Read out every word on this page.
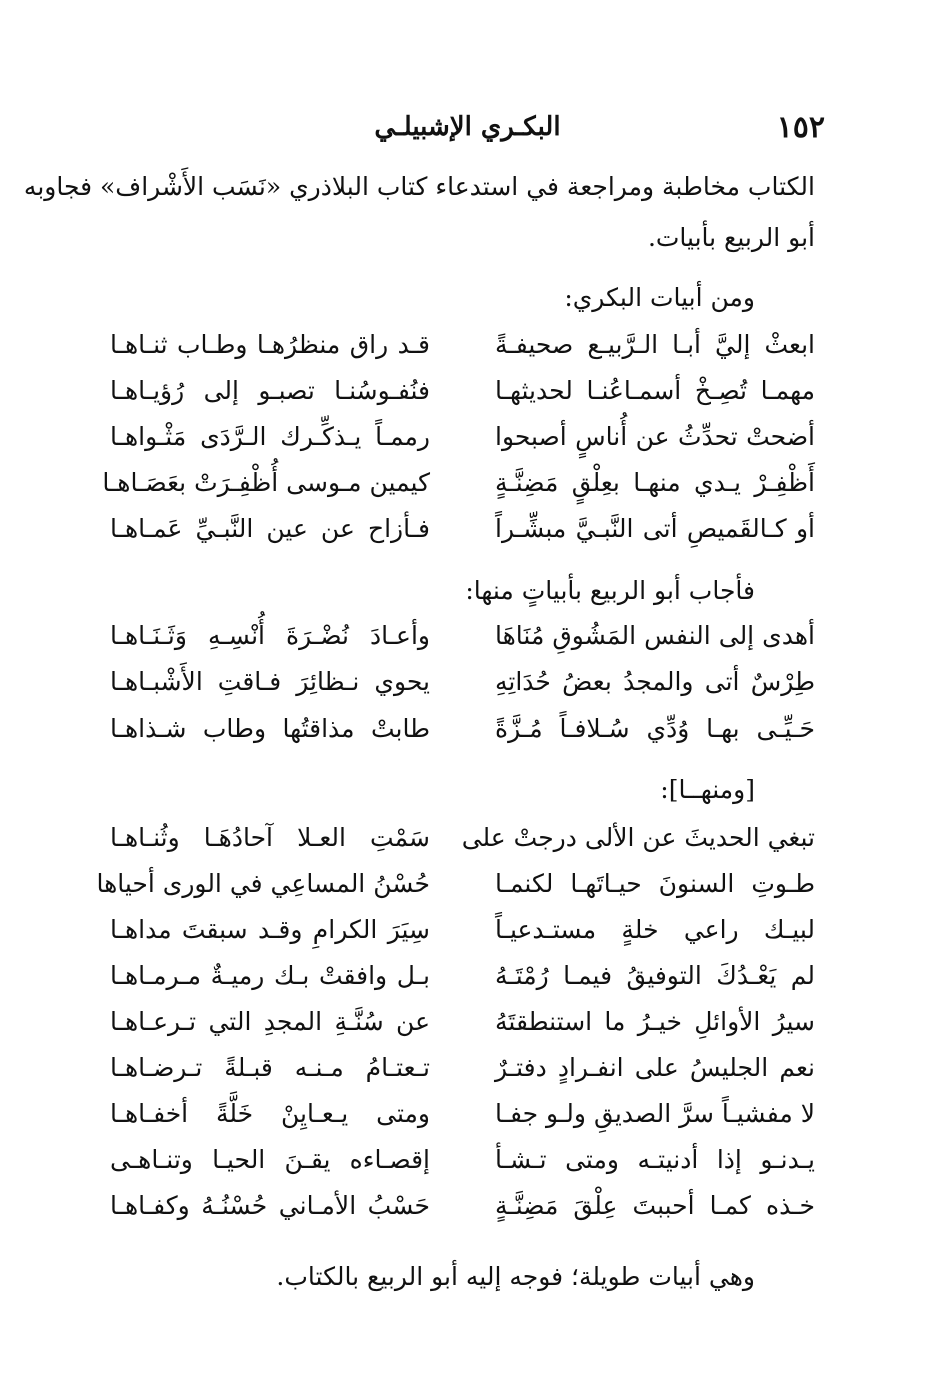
١٥٢
البكـري الإشبيلـي
الكتاب مخاطبة ومراجعة في استدعاء كتاب البلاذري «نَسَب الأَشْراف» فجاوبه
أبو الربيع بأبيات.
ومن أبيات البكري:
ابعثْ إليَّ أبـا الـرَّبيـع صحيفـةً
قـد راق منظرُهـا وطـاب ثنـاهـا
مهمـا تُصِـخْ أسمـاعُنـا لحديثهـا
فنُفـوسُنـا تصبـو إلى رُؤيـاهـا
أضحتْ تحدِّثُ عن أُناسٍ أصبحوا
رممـاً يـذكِّـرك الـرَّدَى مَثْـواهـا
أَظْفِـرْ يـدي منهـا بعِلْقٍ مَضِنَّـةٍ
كيمين مـوسى أُظْفِـرَتْ بعَصَـاهـا
أو كـالقَميصِ أتى النَّبـيَّ مبشِّـراً
فـأزاح عن عين النَّبـيِّ عَمـاهـا
فأجاب أبو الربيع بأبياتٍ منها:
أهدى إلى النفس المَشُوقِ مُنَاهَا
وأعـادَ نُضْـرَةَ أُنْسِـهِ وَثَـنَـاهـا
طِرْسٌ أتى والمجدُ بعضُ حُدَاتِهِ
يحوي نـظائِرَ فـاقتِ الأَشْبـاهـا
حَـيِّـى بهـا وُدِّي سُـلافـاً مُـزَّةً
طابتْ مذاقتُها وطاب شـذاهـا
[ومنهــا]:
تبغي الحديثَ عن الألى درجتْ على
سَمْتِ العـلا آحادُهَـا وثُنـاهـا
طـوتِ السنونَ حيـاتَهـا لكنمـا
حُسْنُ المساعِي في الورى أحياها
لبيـك راعي خلةٍ مستـدعيـاً
سِيَرَ الكرامِ وقـد سبقتَ مداهـا
لم يَعْـدُكَ التوفيقُ فيمـا رُمْتَـهُ
بـل وافقتْ بـك رميـةٌ مـرمـاهـا
سيرُ الأوائلِ خيـرُ ما استنطقتَهُ
عن سُنَّـةِ المجدِ التي تـرعـاهـا
نعم الجليسُ على انفـرادٍ دفتـرٌ
تـعتـامُ مـنـه قبـلةً تـرضـاهـا
لا مفشيـاً سرَّ الصديقِ ولـو جفـا
ومتى يـعـايِنْ خَلَّةً أخفـاهـا
يـدنـو إذا أدنيتـه ومتى تـشـأ
إقصـاءه يقـنَ الحيـا وتنـاهـى
خـذه كمـا أحببتَ عِلْقَ مَضِنَّـةٍ
حَسْبُ الأمـاني حُسْنُـهُ وكفـاهـا
وهي أبيات طويلة؛ فوجه إليه أبو الربيع بالكتاب.
